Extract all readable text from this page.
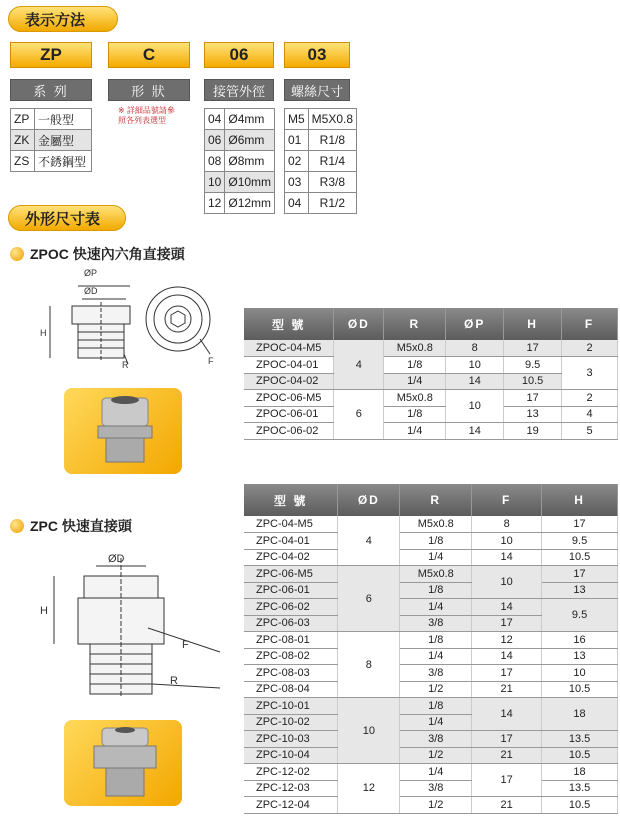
表示方法
ZP	C	06	03
系 列	形 狀	接管外徑	螺絲尺寸
ZP	一般型
ZK	金屬型
ZS	不銹鋼型
※ 詳細品號請參
照各列表選型	04	Ø4mm
06	Ø6mm
08	Ø8mm
10	Ø10mm
12	Ø12mm
M5	M5X0.8
01	R1/8
02	R1/4
03	R3/8
04	R1/2
外形尺寸表
ZPOC 快速內六角直接頭
ØP
ØD
H
R	F
型 號	ØD	R	ØP	H	F
ZPOC-04-M5	4	M5x0.8	8	17	2
ZPOC-04-01		1/8	10	9.5	3
ZPOC-04-02		1/4	14	10.5	
ZPOC-06-M5	6	M5x0.8	10	17	2
ZPOC-06-01		1/8		13	4
ZPOC-06-02		1/4	14	19	5
ZPC 快速直接頭
ØD
H
F
R
型 號	ØD	R	F	H
ZPC-04-M5	4	M5x0.8	8	17
ZPC-04-01		1/8	10	9.5
ZPC-04-02		1/4	14	10.5
ZPC-06-M5	6	M5x0.8	10	17
ZPC-06-01		1/8		13
ZPC-06-02		1/4	14	9.5
ZPC-06-03		3/8	17	
ZPC-08-01	8	1/8	12	16
ZPC-08-02		1/4	14	13
ZPC-08-03		3/8	17	10
ZPC-08-04		1/2	21	10.5
ZPC-10-01	10	1/8	14	18
ZPC-10-02		1/4		
ZPC-10-03		3/8	17	13.5
ZPC-10-04		1/2	21	10.5
ZPC-12-02	12	1/4	17	18
ZPC-12-03		3/8		13.5
ZPC-12-04		1/2	21	10.5
